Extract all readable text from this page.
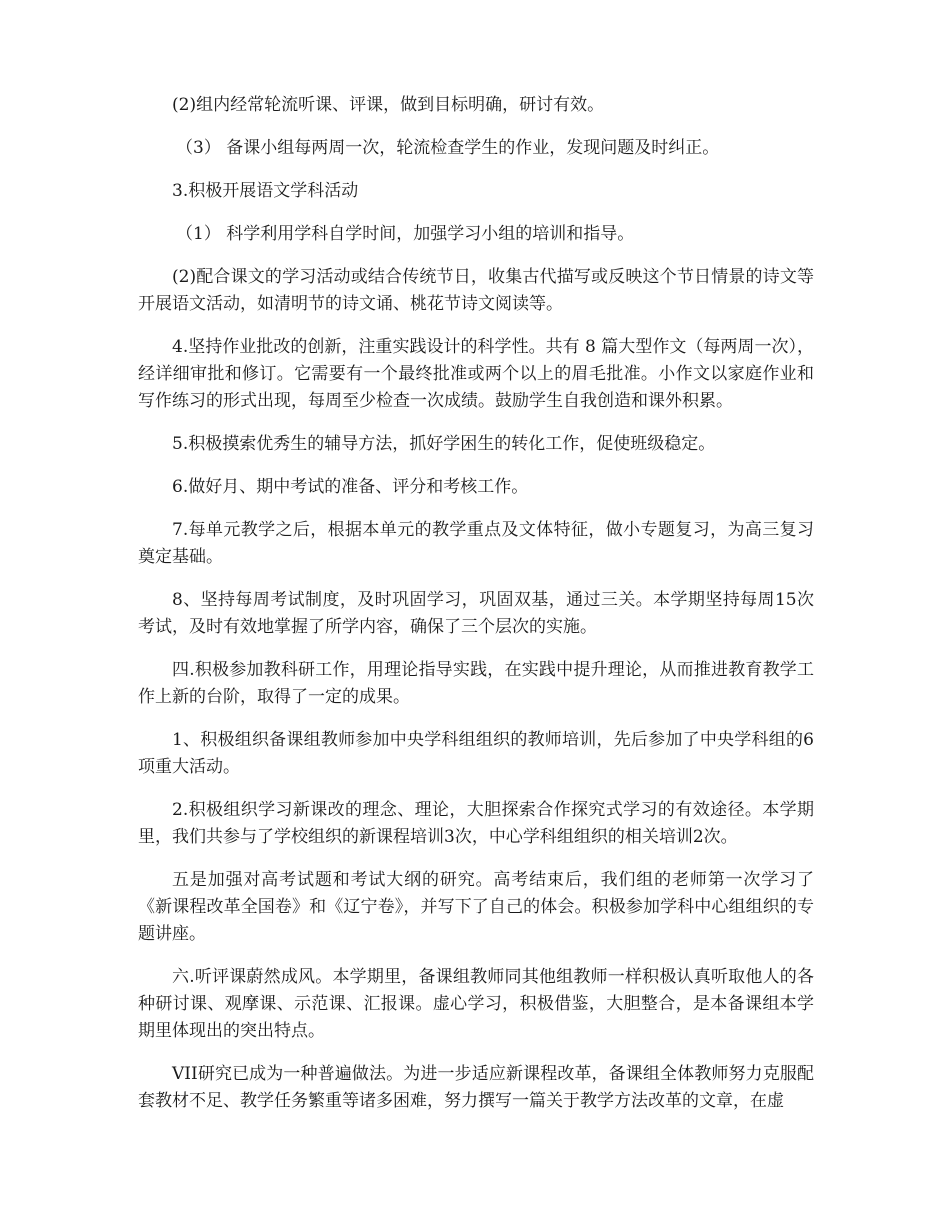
(2)组内经常轮流听课、评课，做到目标明确，研讨有效。

（3） 备课小组每两周一次，轮流检查学生的作业，发现问题及时纠正。

3.积极开展语文学科活动

（1） 科学利用学科自学时间，加强学习小组的培训和指导。

(2)配合课文的学习活动或结合传统节日，收集古代描写或反映这个节日情景的诗文等开展语文活动，如清明节的诗文诵、桃花节诗文阅读等。

4.坚持作业批改的创新，注重实践设计的科学性。共有 8 篇大型作文（每两周一次），经详细审批和修订。它需要有一个最终批准或两个以上的眉毛批准。小作文以家庭作业和写作练习的形式出现，每周至少检查一次成绩。鼓励学生自我创造和课外积累。

5.积极摸索优秀生的辅导方法，抓好学困生的转化工作，促使班级稳定。

6.做好月、期中考试的准备、评分和考核工作。

7.每单元教学之后，根据本单元的教学重点及文体特征，做小专题复习，为高三复习奠定基础。

8、坚持每周考试制度，及时巩固学习，巩固双基，通过三关。本学期坚持每周15次考试，及时有效地掌握了所学内容，确保了三个层次的实施。

四.积极参加教科研工作，用理论指导实践，在实践中提升理论，从而推进教育教学工作上新的台阶，取得了一定的成果。

1、积极组织备课组教师参加中央学科组组织的教师培训，先后参加了中央学科组的6项重大活动。

2.积极组织学习新课改的理念、理论，大胆探索合作探究式学习的有效途径。本学期里，我们共参与了学校组织的新课程培训3次，中心学科组组织的相关培训2次。

五是加强对高考试题和考试大纲的研究。高考结束后，我们组的老师第一次学习了《新课程改革全国卷》和《辽宁卷》，并写下了自己的体会。积极参加学科中心组组织的专题讲座。

六.听评课蔚然成风。本学期里，备课组教师同其他组教师一样积极认真听取他人的各种研讨课、观摩课、示范课、汇报课。虚心学习，积极借鉴，大胆整合，是本备课组本学期里体现出的突出特点。

VII研究已成为一种普遍做法。为进一步适应新课程改革，备课组全体教师努力克服配套教材不足、教学任务繁重等诸多困难，努力撰写一篇关于教学方法改革的文章，在虚
